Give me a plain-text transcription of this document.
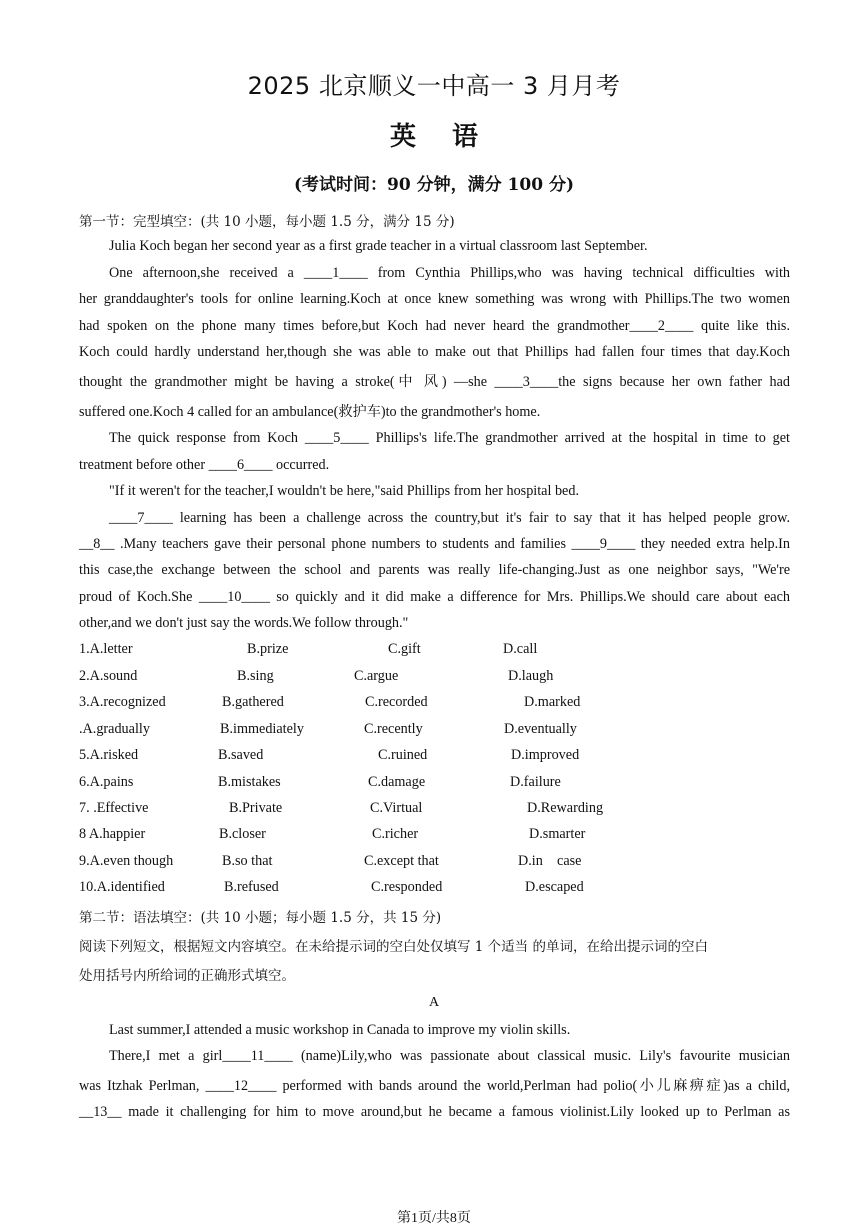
2025 北京顺义一中高一 3 月月考
英语
(考试时间：90 分钟，满分 100 分)
第一节：完型填空：(共 10 小题，每小题 1.5 分，满分 15 分)
Julia Koch began her second year as a first grade teacher in a virtual classroom last September.
One afternoon,she received a ____1____ from Cynthia Phillips,who was having technical difficulties with
her granddaughter's tools for online learning.Koch at once knew something was wrong with Phillips.The two women
had spoken on the phone many times before,but Koch had never heard the grandmother____2____ quite like this.
Koch could hardly understand her,though she was able to make out that Phillips had fallen four times that day.Koch
thought the grandmother might be having a stroke(中 风) —she ____3____the signs because her own father had
suffered one.Koch 4 called for an ambulance(救护车)to the grandmother's home.
The quick response from Koch ____5____ Phillips's life.The grandmother arrived at the hospital in time to get
treatment before other ____6____ occurred.
"If it weren't for the teacher,I wouldn't be here,"said Phillips from her hospital bed.
____7____ learning has been a challenge across the country,but it's fair to say that it has helped people grow.
__8__ .Many teachers gave their personal phone numbers to students and families ____9____ they needed extra help.In
this case,the exchange between the school and parents was really life-changing.Just as one neighbor says, "We're
proud of Koch.She ____10____ so quickly and it did make a difference for Mrs. Phillips.We should care about each
other,and we don't just say the words.We follow through."
1.A.letter	B.prize	C.gift	D.call
2.A.sound	B.sing	C.argue	D.laugh
3.A.recognized	B.gathered	C.recorded	D.marked
.A.gradually	B.immediately	C.recently	D.eventually
5.A.risked	B.saved	C.ruined	D.improved
6.A.pains	B.mistakes	C.damage	D.failure
7. .Effective	B.Private	C.Virtual	D.Rewarding
8 A.happier	B.closer	C.richer	D.smarter
9.A.even though	B.so that	C.except that	D.in    case
10.A.identified	B.refused	C.responded	D.escaped
第二节：语法填空：(共 10 小题；每小题 1.5 分，共 15 分)
阅读下列短文，根据短文内容填空。在未给提示词的空白处仅填写 1 个适当 的单词，在给出提示词的空白
处用括号内所给词的正确形式填空。
A
Last summer,I attended a music workshop in Canada to improve my violin skills.
There,I met a girl____11____ (name)Lily,who was passionate about classical music. Lily's favourite musician
was Itzhak Perlman, ____12____ performed with bands around the world,Perlman had polio(小儿麻痹症)as a child,
__13__ made it challenging for him to move around,but he became a famous violinist.Lily looked up to Perlman as
第1页/共8页
